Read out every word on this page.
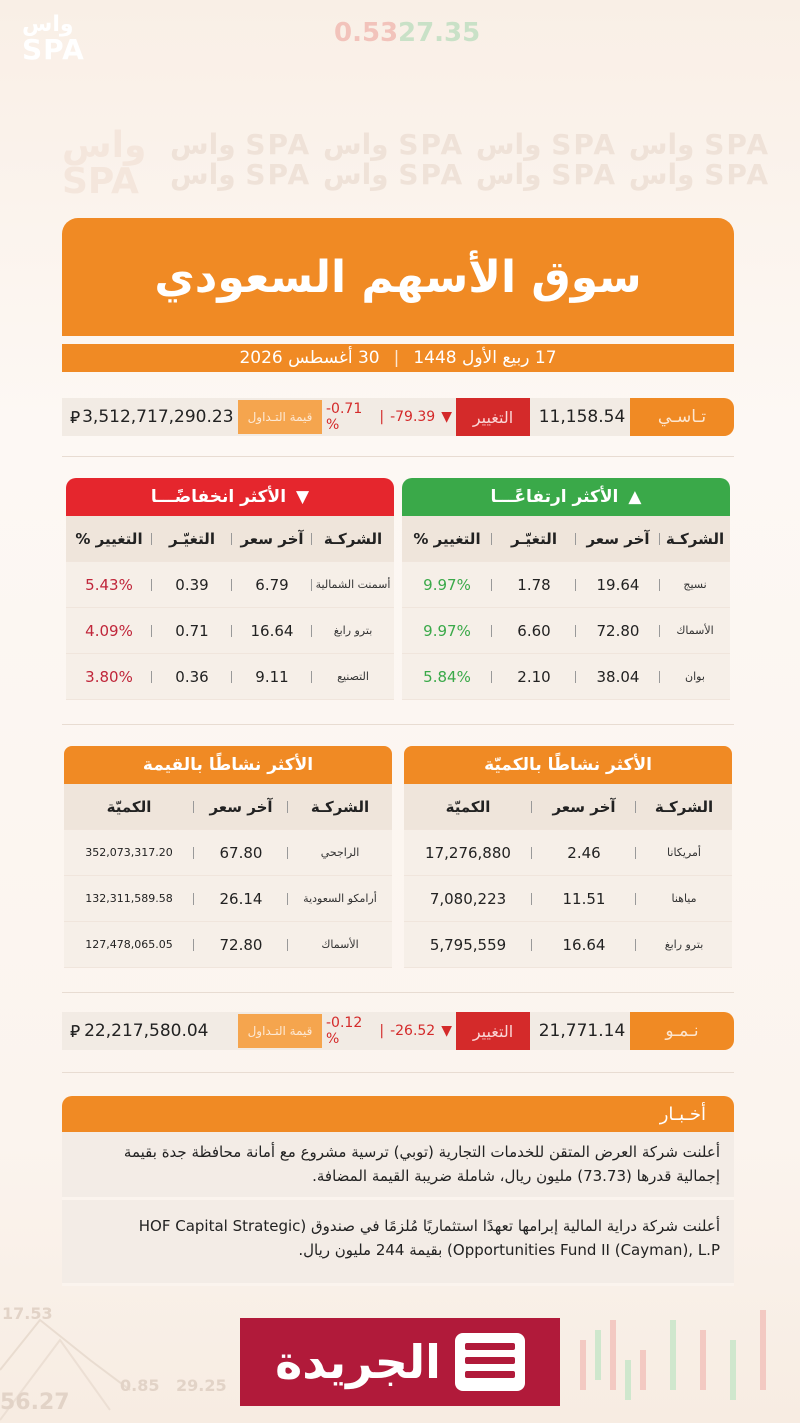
0.53 27.35
واس
SPA
واس
SPA
واس SPA واس SPA واس SPA واس SPA
واس SPA واس SPA واس SPA واس SPA
سوق الأسهم السعودي
17 ربيع الأول 1448
|
30 أغسطس 2026
تـاسـي
11,158.54
التغيير
-0.71 %	| -79.39 ▼
قيمة التـداول
⃁ 3,512,717,290.23
▲
الأكثر ارتفاعًـــا
الشركـة
آخر سعر
التغيّـر
التغيير %
نسيج
19.64
1.78
9.97%
الأسماك
72.80
6.60
9.97%
بوان
38.04
2.10
5.84%
▼
الأكثر انخفاضًـــا
الشركـة
آخر سعر
التغيّـر
التغيير %
أسمنت الشمالية
6.79
0.39
5.43%
بترو رابغ
16.64
0.71
4.09%
التصنيع
9.11
0.36
3.80%
الأكثر نشاطًا بالكميّة
الشركـة
آخر سعر
الكميّة
أمريكانا
2.46
17,276,880
مياهنا
11.51
7,080,223
بترو رابغ
16.64
5,795,559
الأكثر نشاطًا بالقيمة
الشركـة
آخر سعر
الكميّة
الراجحي
67.80
352,073,317.20
أرامكو السعودية
26.14
132,311,589.58
الأسماك
72.80
127,478,065.05
نـمـو
21,771.14
التغيير
-0.12 %	| -26.52 ▼
قيمة التـداول
⃁ 22,217,580.04
أخـبـار
أعلنت شركة العرض المتقن للخدمات التجارية (توبي) ترسية مشروع مع أمانة محافظة جدة بقيمة إجمالية قدرها (73.73) مليون ريال، شاملة ضريبة القيمة المضافة.
أعلنت شركة دراية المالية إبرامها تعهدًا استثماريًا مُلزمًا في صندوق (HOF Capital Strategic Opportunities Fund II (Cayman), L.P) بقيمة 244 مليون ريال.
17.53
56.27
0.85 29.25 الجريدة
